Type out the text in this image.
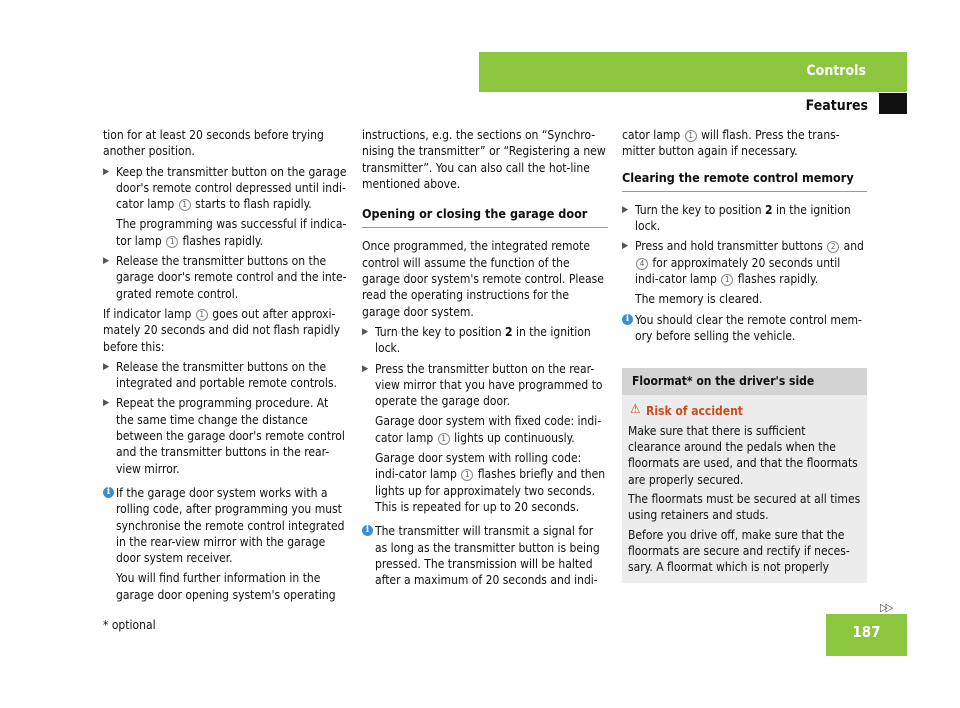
Controls
Features

tion for at least 20 seconds before trying another position.

▶ Keep the transmitter button on the garage door's remote control depressed until indi-cator lamp 1 starts to flash rapidly.
The programming was successful if indica-tor lamp 1 flashes rapidly.
▶ Release the transmitter buttons on the garage door's remote control and the inte-grated remote control.

If indicator lamp 1 goes out after approxi-mately 20 seconds and did not flash rapidly before this:

▶ Release the transmitter buttons on the integrated and portable remote controls.
▶ Repeat the programming procedure. At the same time change the distance between the garage door's remote control and the transmitter buttons in the rear-view mirror.
i If the garage door system works with a rolling code, after programming you must synchronise the remote control integrated in the rear-view mirror with the garage door system receiver.
You will find further information in the garage door opening system's operating

instructions, e.g. the sections on “Synchro-nising the transmitter” or “Registering a new transmitter”. You can also call the hot-line mentioned above.

Opening or closing the garage door

Once programmed, the integrated remote control will assume the function of the garage door system's remote control. Please read the operating instructions for the garage door system.

▶ Turn the key to position 2 in the ignition lock.
▶ Press the transmitter button on the rear-view mirror that you have programmed to operate the garage door.
Garage door system with fixed code: indi-cator lamp 1 lights up continuously.
Garage door system with rolling code: indi-cator lamp 1 flashes briefly and then lights up for approximately two seconds. This is repeated for up to 20 seconds.
i The transmitter will transmit a signal for as long as the transmitter button is being pressed. The transmission will be halted after a maximum of 20 seconds and indi-

cator lamp 1 will flash. Press the trans-mitter button again if necessary.

Clearing the remote control memory
▶ Turn the key to position 2 in the ignition lock.
▶ Press and hold transmitter buttons 2 and 4 for approximately 20 seconds until indi-cator lamp 1 flashes rapidly.
The memory is cleared.
i You should clear the remote control mem-ory before selling the vehicle.
Floormat* on the driver's side
⚠ Risk of accident

Make sure that there is sufficient clearance around the pedals when the floormats are used, and that the floormats are properly secured.

The floormats must be secured at all times using retainers and studs.

Before you drive off, make sure that the floormats are secure and rectify if neces-sary. A floormat which is not properly

▷▷
* optional	187
